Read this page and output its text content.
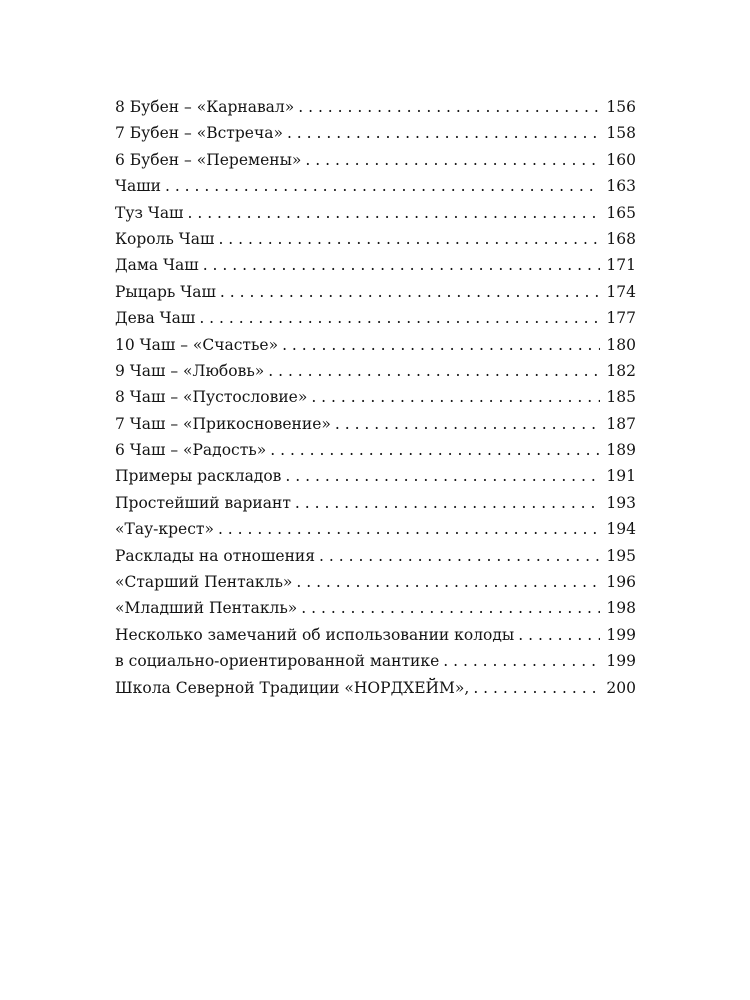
8 Бубен – «Карнавал» . . .	156
7 Бубен – «Встреча» . . .	158
6 Бубен – «Перемены» . . .	160
Чаши . . .	163
Туз Чаш . . .	165
Король Чаш . . .	168
Дама Чаш . . .	171
Рыцарь Чаш . . .	174
Дева Чаш . . .	177
10 Чаш – «Счастье» . . .	180
9 Чаш – «Любовь» . . .	182
8 Чаш – «Пустословие» . . .	185
7 Чаш – «Прикосновение» . . .	187
6 Чаш – «Радость» . . .	189
Примеры раскладов . . .	191
Простейший вариант . . .	193
«Тау-крест» . . .	194
Расклады на отношения . . .	195
«Старший Пентакль» . . .	196
«Младший Пентакль» . . .	198
Несколько замечаний об использовании колоды . . .	199
в социально-ориентированной мантике . . .	199
Школа Северной Традиции «НОРДХЕЙМ», . . .	200
